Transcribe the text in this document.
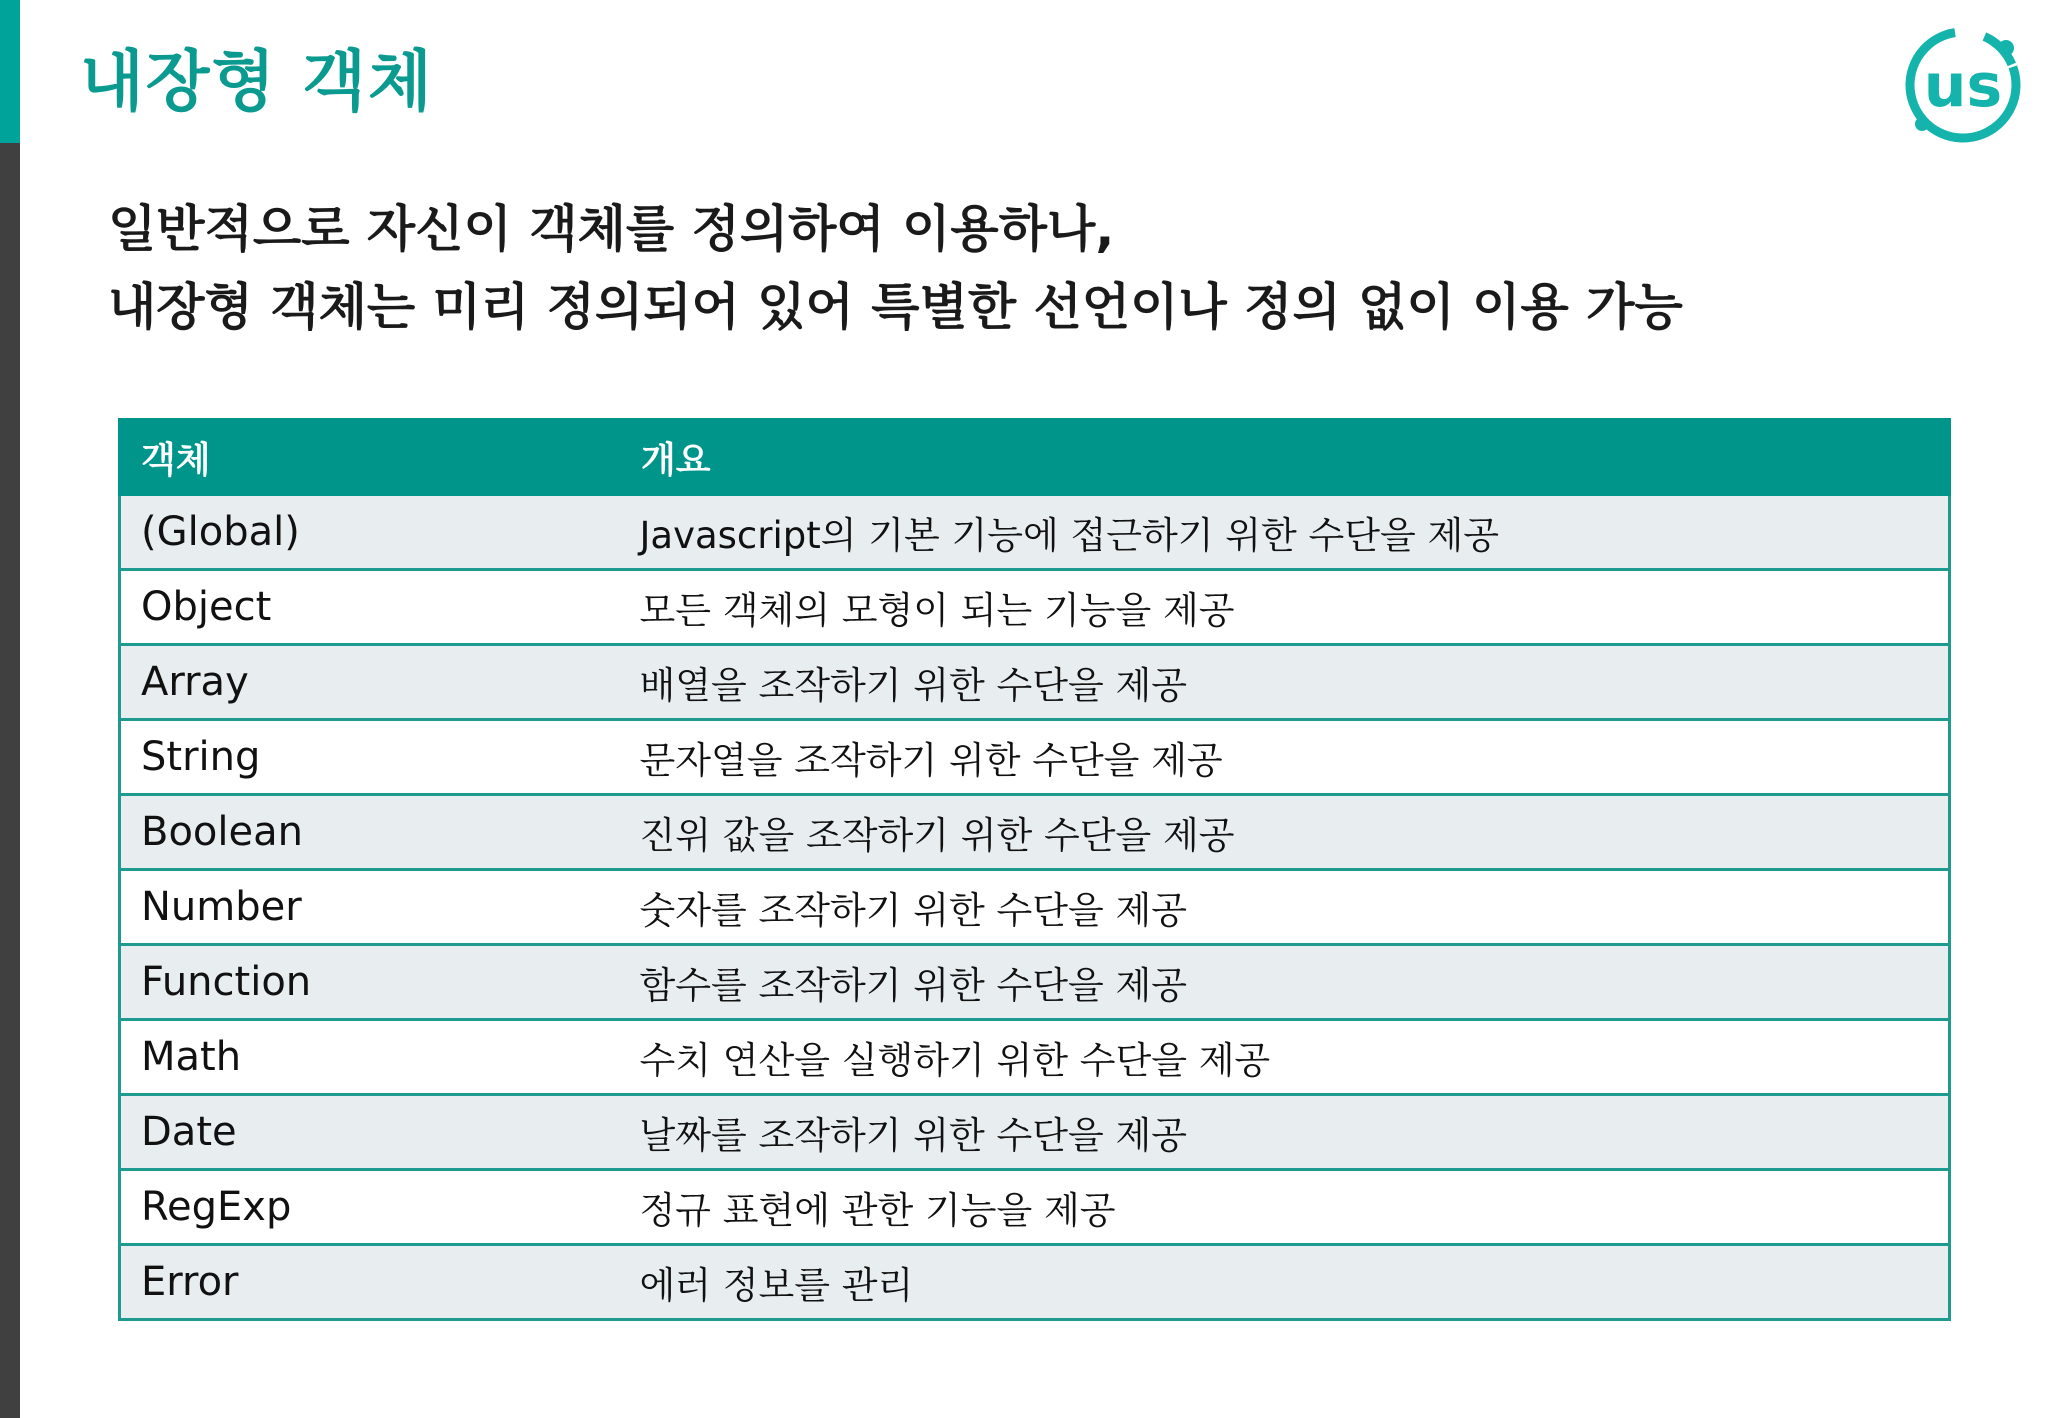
내장형 객체	us
일반적으로 자신이 객체를 정의하여 이용하나,
내장형 객체는 미리 정의되어 있어 특별한 선언이나 정의 없이 이용 가능
객체	개요
(Global)	Javascript의 기본 기능에 접근하기 위한 수단을 제공
Object	모든 객체의 모형이 되는 기능을 제공
Array	배열을 조작하기 위한 수단을 제공
String	문자열을 조작하기 위한 수단을 제공
Boolean	진위 값을 조작하기 위한 수단을 제공
Number	숫자를 조작하기 위한 수단을 제공
Function	함수를 조작하기 위한 수단을 제공
Math	수치 연산을 실행하기 위한 수단을 제공
Date	날짜를 조작하기 위한 수단을 제공
RegExp	정규 표현에 관한 기능을 제공
Error	에러 정보를 관리
